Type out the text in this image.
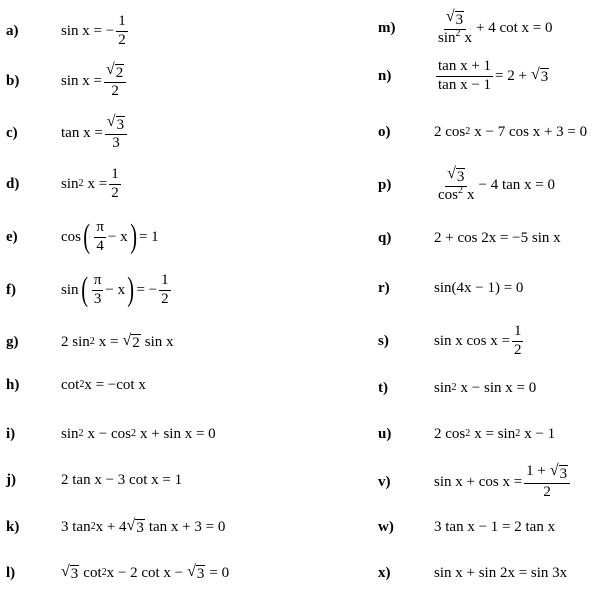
a)	sin x = − $\frac{1}{2}$
b)	$\sin x = \frac{√ 2}{2}$
c)	$\tan x = \frac{√ 3}{3}$
d)	sin 2 $x = \frac{1}{2}$
e)	cos ( $\frac{\pi}{4} - x$ ) = 1
f)	sin ( $\frac{\pi}{3} - x$ ) = − $\frac{1}{2}$
g)	2 sin 2 x = √ 2 sin x
h)	cot 2 x = −cot x
i)	sin 2 x − cos 2 x + sin x = 0
j)	2 tan x − 3 cot x = 1
k)	3 tan 2 x + 4 √ 3 tan x + 3 = 0
l)	√ 3 cot 2 x − 2 cot x − √ 3 = 0
m)	$\frac{√ 3}{\sin^2 x} + 4$ cot x = 0
n)	$\frac{\text{tan x + 1}}{\text{tan x − 1}} = 2$ + √ 3
o)	2 cos 2 x − 7 cos x + 3 = 0
p)	$\frac{√ 3}{\cos^2 x} - 4$ tan x = 0
q)	2 + cos 2x = −5 sin x
r)	sin(4x − 1) = 0
s)	sin x $\cos x = \frac{1}{2}$
t)	sin 2 x − sin x = 0
u)	2 cos 2 x = sin 2 x − 1
v)	$\sin x + \cos x = \frac{1 + √ 3}{2}$
w)	3 tan x − 1 = 2 tan x
x)	sin x + sin 2x = sin 3x
